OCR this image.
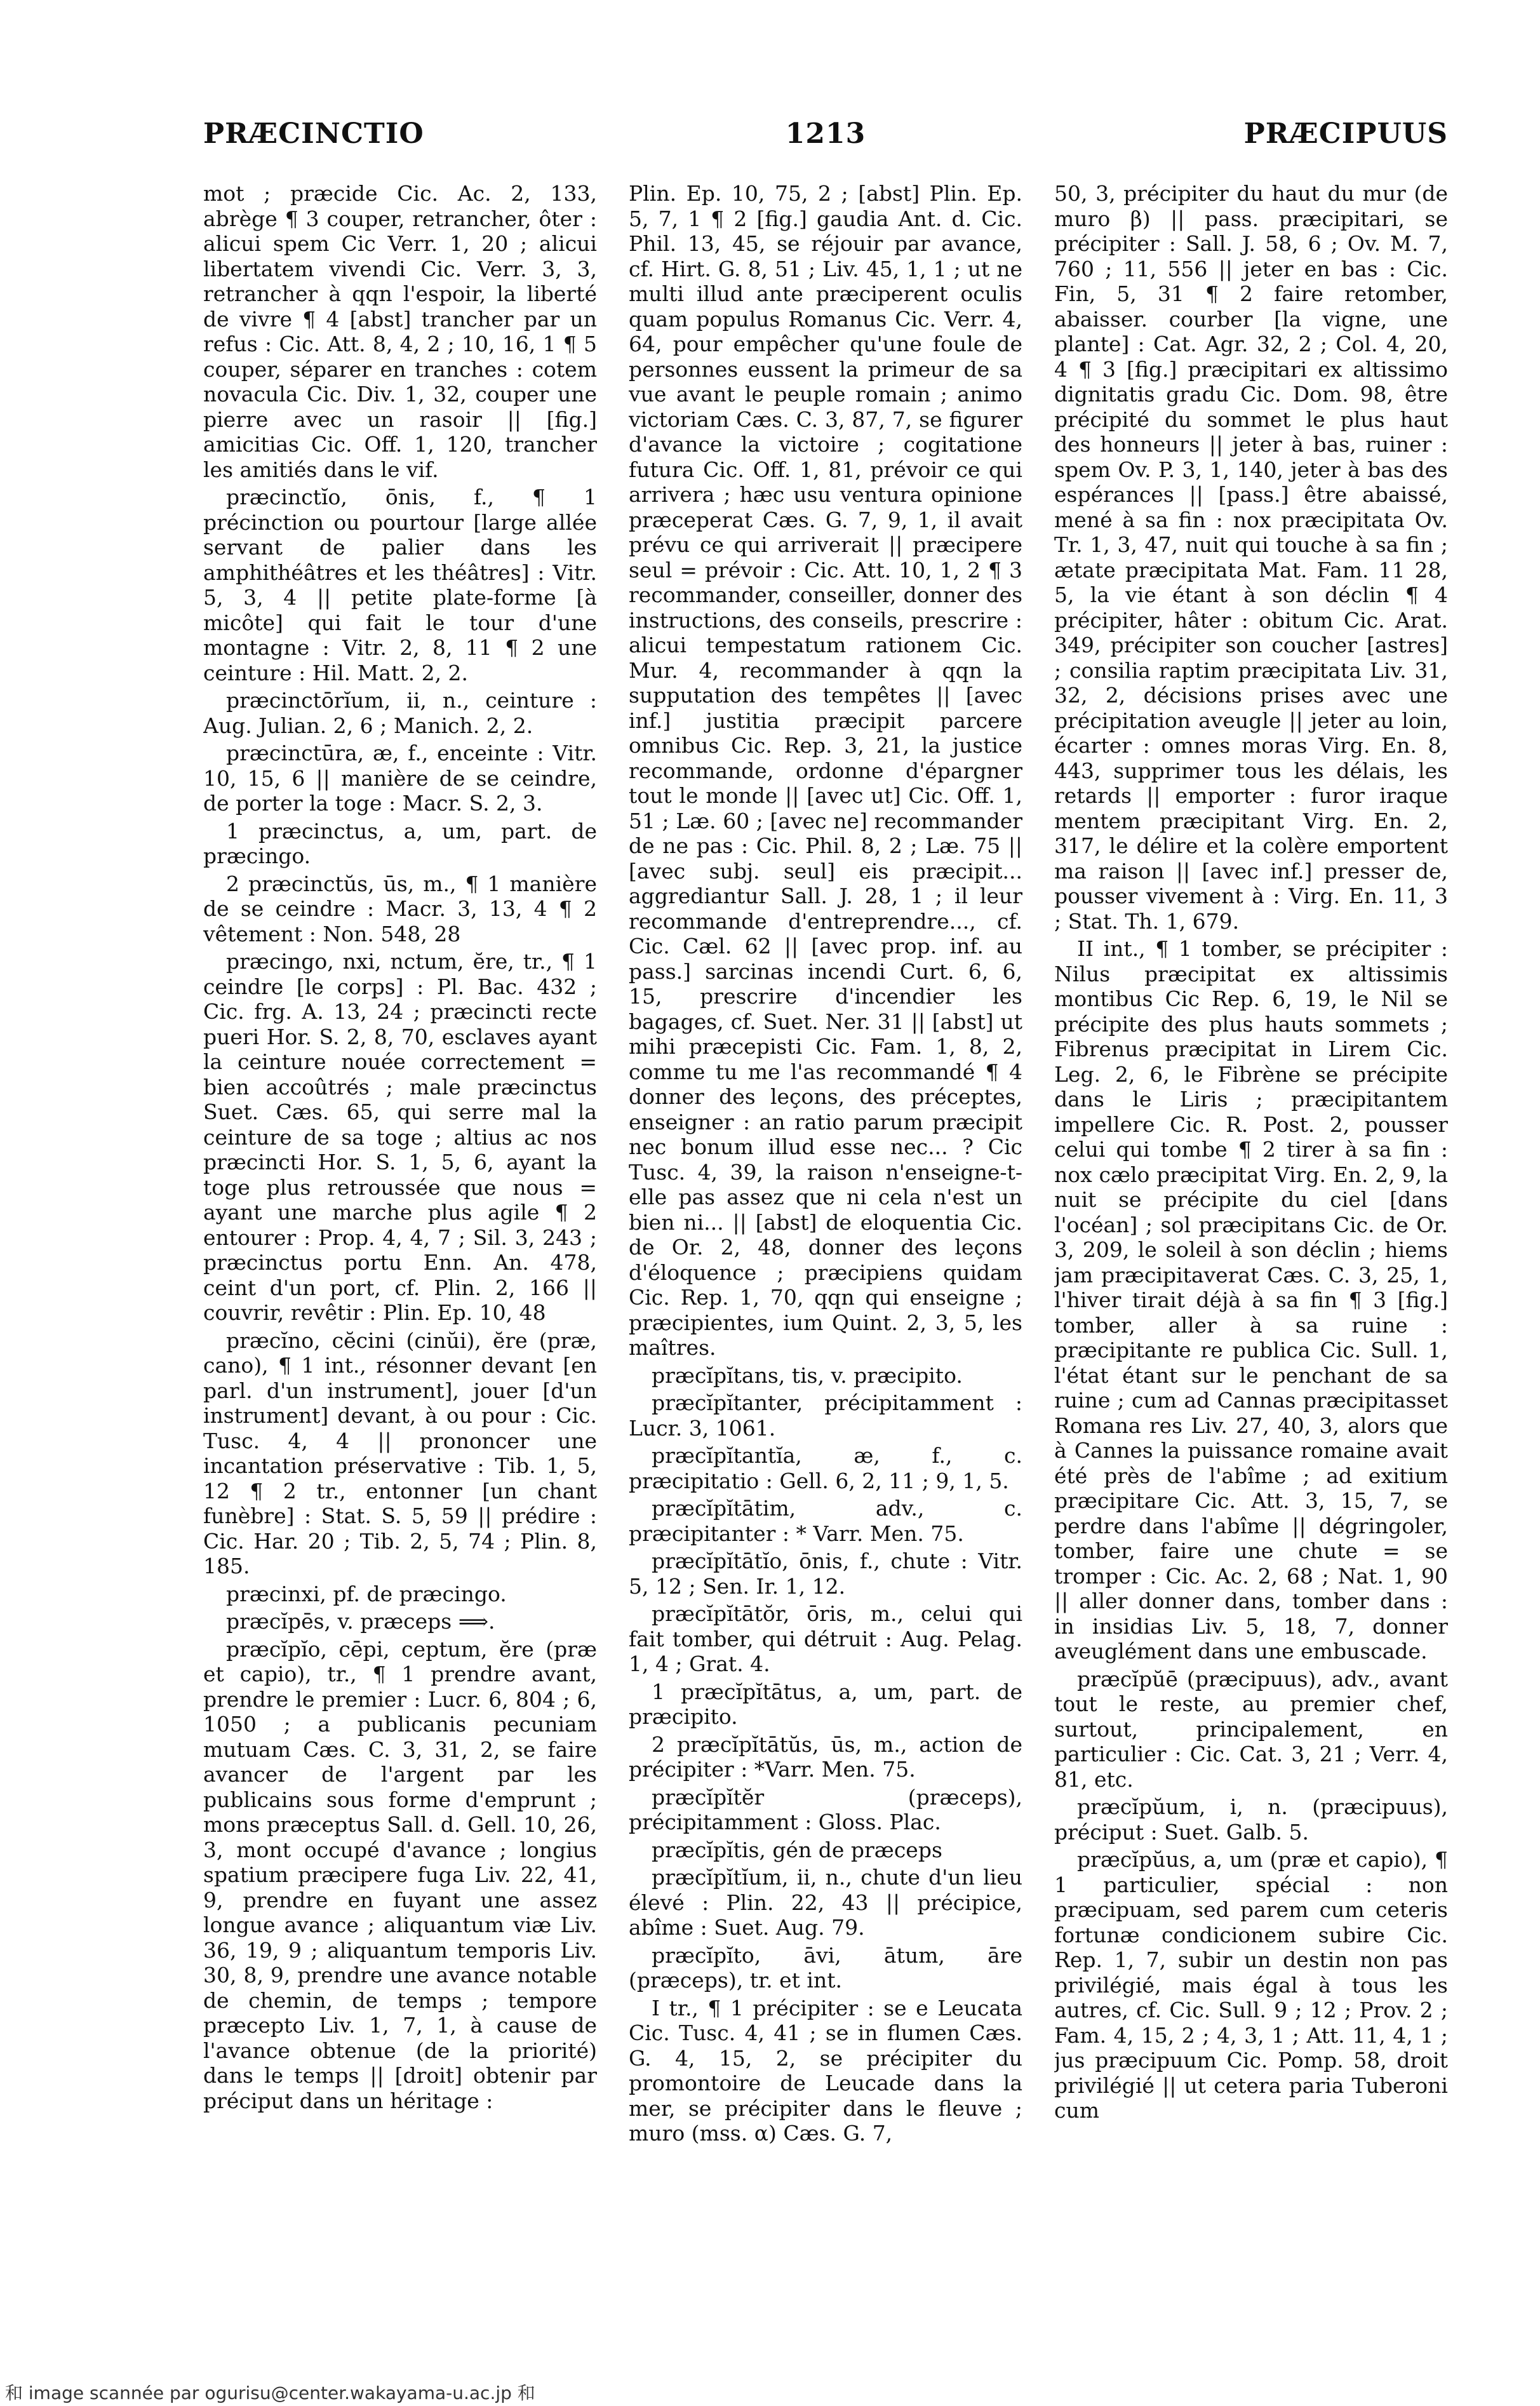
PRÆCINCTIO	1213	PRÆCIPUUS

mot ; præcide Cic. Ac. 2, 133, abrège ¶ 3 couper, retrancher, ôter : alicui spem Cic Verr. 1, 20 ; alicui libertatem vivendi Cic. Verr. 3, 3, retrancher à qqn l'espoir, la liberté de vivre ¶ 4 [abst] trancher par un refus : Cic. Att. 8, 4, 2 ; 10, 16, 1 ¶ 5 couper, séparer en tranches : cotem novacula Cic. Div. 1, 32, couper une pierre avec un rasoir || [fig.] amicitias Cic. Off. 1, 120, trancher les amitiés dans le vif.

præcinctĭo, ōnis, f., ¶ 1 précinction ou pourtour [large allée servant de palier dans les amphithéâtres et les théâtres] : Vitr. 5, 3, 4 || petite plate-forme [à micôte] qui fait le tour d'une montagne : Vitr. 2, 8, 11 ¶ 2 une ceinture : Hil. Matt. 2, 2.

præcinctōrĭum, ii, n., ceinture : Aug. Julian. 2, 6 ; Manich. 2, 2.

præcinctūra, æ, f., enceinte : Vitr. 10, 15, 6 || manière de se ceindre, de porter la toge : Macr. S. 2, 3.

1 præcinctus, a, um, part. de præcingo.

2 præcinctŭs, ūs, m., ¶ 1 manière de se ceindre : Macr. 3, 13, 4 ¶ 2 vêtement : Non. 548, 28

præcingo, nxi, nctum, ĕre, tr., ¶ 1 ceindre [le corps] : Pl. Bac. 432 ; Cic. frg. A. 13, 24 ; præcincti recte pueri Hor. S. 2, 8, 70, esclaves ayant la ceinture nouée correctement = bien accoûtrés ; male præcinctus Suet. Cæs. 65, qui serre mal la ceinture de sa toge ; altius ac nos præcincti Hor. S. 1, 5, 6, ayant la toge plus retroussée que nous = ayant une marche plus agile ¶ 2 entourer : Prop. 4, 4, 7 ; Sil. 3, 243 ; præcinctus portu Enn. An. 478, ceint d'un port, cf. Plin. 2, 166 || couvrir, revêtir : Plin. Ep. 10, 48

præcĭno, cĕcini (cinŭi), ĕre (præ, cano), ¶ 1 int., résonner devant [en parl. d'un instrument], jouer [d'un instrument] devant, à ou pour : Cic. Tusc. 4, 4 || prononcer une incantation préservative : Tib. 1, 5, 12 ¶ 2 tr., entonner [un chant funèbre] : Stat. S. 5, 59 || prédire : Cic. Har. 20 ; Tib. 2, 5, 74 ; Plin. 8, 185.

præcinxi, pf. de præcingo.

præcĭpēs, v. præceps ⟹.

præcĭpĭo, cēpi, ceptum, ĕre (præ et capio), tr., ¶ 1 prendre avant, prendre le premier : Lucr. 6, 804 ; 6, 1050 ; a publicanis pecuniam mutuam Cæs. C. 3, 31, 2, se faire avancer de l'argent par les publicains sous forme d'emprunt ; mons præceptus Sall. d. Gell. 10, 26, 3, mont occupé d'avance ; longius spatium præcipere fuga Liv. 22, 41, 9, prendre en fuyant une assez longue avance ; aliquantum viæ Liv. 36, 19, 9 ; aliquantum temporis Liv. 30, 8, 9, prendre une avance notable de chemin, de temps ; tempore præcepto Liv. 1, 7, 1, à cause de l'avance obtenue (de la priorité) dans le temps || [droit] obtenir par préciput dans un héritage :

Plin. Ep. 10, 75, 2 ; [abst] Plin. Ep. 5, 7, 1 ¶ 2 [fig.] gaudia Ant. d. Cic. Phil. 13, 45, se réjouir par avance, cf. Hirt. G. 8, 51 ; Liv. 45, 1, 1 ; ut ne multi illud ante præciperent oculis quam populus Romanus Cic. Verr. 4, 64, pour empêcher qu'une foule de personnes eussent la primeur de sa vue avant le peuple romain ; animo victoriam Cæs. C. 3, 87, 7, se figurer d'avance la victoire ; cogitatione futura Cic. Off. 1, 81, prévoir ce qui arrivera ; hæc usu ventura opinione præceperat Cæs. G. 7, 9, 1, il avait prévu ce qui arriverait || præcipere seul = prévoir : Cic. Att. 10, 1, 2 ¶ 3 recommander, conseiller, donner des instructions, des conseils, prescrire : alicui tempestatum rationem Cic. Mur. 4, recommander à qqn la supputation des tempêtes || [avec inf.] justitia præcipit parcere omnibus Cic. Rep. 3, 21, la justice recommande, ordonne d'épargner tout le monde || [avec ut] Cic. Off. 1, 51 ; Læ. 60 ; [avec ne] recommander de ne pas : Cic. Phil. 8, 2 ; Læ. 75 || [avec subj. seul] eis præcipit... aggrediantur Sall. J. 28, 1 ; il leur recommande d'entreprendre..., cf. Cic. Cæl. 62 || [avec prop. inf. au pass.] sarcinas incendi Curt. 6, 6, 15, prescrire d'incendier les bagages, cf. Suet. Ner. 31 || [abst] ut mihi præcepisti Cic. Fam. 1, 8, 2, comme tu me l'as recommandé ¶ 4 donner des leçons, des préceptes, enseigner : an ratio parum præcipit nec bonum illud esse nec... ? Cic Tusc. 4, 39, la raison n'enseigne-t-elle pas assez que ni cela n'est un bien ni... || [abst] de eloquentia Cic. de Or. 2, 48, donner des leçons d'éloquence ; præcipiens quidam Cic. Rep. 1, 70, qqn qui enseigne ; præcipientes, ium Quint. 2, 3, 5, les maîtres.

præcĭpĭtans, tis, v. præcipito.

præcĭpĭtanter, précipitamment : Lucr. 3, 1061.

præcĭpĭtantĭa, æ, f., c. præcipitatio : Gell. 6, 2, 11 ; 9, 1, 5.

præcĭpĭtātim, adv., c. præcipitanter : * Varr. Men. 75.

præcĭpĭtātĭo, ōnis, f., chute : Vitr. 5, 12 ; Sen. Ir. 1, 12.

præcĭpĭtātŏr, ōris, m., celui qui fait tomber, qui détruit : Aug. Pelag. 1, 4 ; Grat. 4.

1 præcĭpĭtātus, a, um, part. de præcipito.

2 præcĭpĭtātŭs, ūs, m., action de précipiter : *Varr. Men. 75.

præcĭpĭtĕr (præceps), précipitamment : Gloss. Plac.

præcĭpĭtis, gén de præceps

præcĭpĭtĭum, ii, n., chute d'un lieu élevé : Plin. 22, 43 || précipice, abîme : Suet. Aug. 79.

præcĭpĭto, āvi, ātum, āre (præceps), tr. et int.

I tr., ¶ 1 précipiter : se e Leucata Cic. Tusc. 4, 41 ; se in flumen Cæs. G. 4, 15, 2, se précipiter du promontoire de Leucade dans la mer, se précipiter dans le fleuve ; muro (mss. α) Cæs. G. 7,

50, 3, précipiter du haut du mur (de muro β) || pass. præcipitari, se précipiter : Sall. J. 58, 6 ; Ov. M. 7, 760 ; 11, 556 || jeter en bas : Cic. Fin, 5, 31 ¶ 2 faire retomber, abaisser. courber [la vigne, une plante] : Cat. Agr. 32, 2 ; Col. 4, 20, 4 ¶ 3 [fig.] præcipitari ex altissimo dignitatis gradu Cic. Dom. 98, être précipité du sommet le plus haut des honneurs || jeter à bas, ruiner : spem Ov. P. 3, 1, 140, jeter à bas des espérances || [pass.] être abaissé, mené à sa fin : nox præcipitata Ov. Tr. 1, 3, 47, nuit qui touche à sa fin ; ætate præcipitata Mat. Fam. 11 28, 5, la vie étant à son déclin ¶ 4 précipiter, hâter : obitum Cic. Arat. 349, précipiter son coucher [astres] ; consilia raptim præcipitata Liv. 31, 32, 2, décisions prises avec une précipitation aveugle || jeter au loin, écarter : omnes moras Virg. En. 8, 443, supprimer tous les délais, les retards || emporter : furor iraque mentem præcipitant Virg. En. 2, 317, le délire et la colère emportent ma raison || [avec inf.] presser de, pousser vivement à : Virg. En. 11, 3 ; Stat. Th. 1, 679.

II int., ¶ 1 tomber, se précipiter : Nilus præcipitat ex altissimis montibus Cic Rep. 6, 19, le Nil se précipite des plus hauts sommets ; Fibrenus præcipitat in Lirem Cic. Leg. 2, 6, le Fibrène se précipite dans le Liris ; præcipitantem impellere Cic. R. Post. 2, pousser celui qui tombe ¶ 2 tirer à sa fin : nox cælo præcipitat Virg. En. 2, 9, la nuit se précipite du ciel [dans l'océan] ; sol præcipitans Cic. de Or. 3, 209, le soleil à son déclin ; hiems jam præcipitaverat Cæs. C. 3, 25, 1, l'hiver tirait déjà à sa fin ¶ 3 [fig.] tomber, aller à sa ruine : præcipitante re publica Cic. Sull. 1, l'état étant sur le penchant de sa ruine ; cum ad Cannas præcipitasset Romana res Liv. 27, 40, 3, alors que à Cannes la puissance romaine avait été près de l'abîme ; ad exitium præcipitare Cic. Att. 3, 15, 7, se perdre dans l'abîme || dégringoler, tomber, faire une chute = se tromper : Cic. Ac. 2, 68 ; Nat. 1, 90 || aller donner dans, tomber dans : in insidias Liv. 5, 18, 7, donner aveuglément dans une embuscade.

præcĭpŭē (præcipuus), adv., avant tout le reste, au premier chef, surtout, principalement, en particulier : Cic. Cat. 3, 21 ; Verr. 4, 81, etc.

præcĭpŭum, i, n. (præcipuus), préciput : Suet. Galb. 5.

præcĭpŭus, a, um (præ et capio), ¶ 1 particulier, spécial : non præcipuam, sed parem cum ceteris fortunæ condicionem subire Cic. Rep. 1, 7, subir un destin non pas privilégié, mais égal à tous les autres, cf. Cic. Sull. 9 ; 12 ; Prov. 2 ; Fam. 4, 15, 2 ; 4, 3, 1 ; Att. 11, 4, 1 ; jus præcipuum Cic. Pomp. 58, droit privilégié || ut cetera paria Tuberoni cum

和 image scannée par ogurisu@center.wakayama-u.ac.jp 和
